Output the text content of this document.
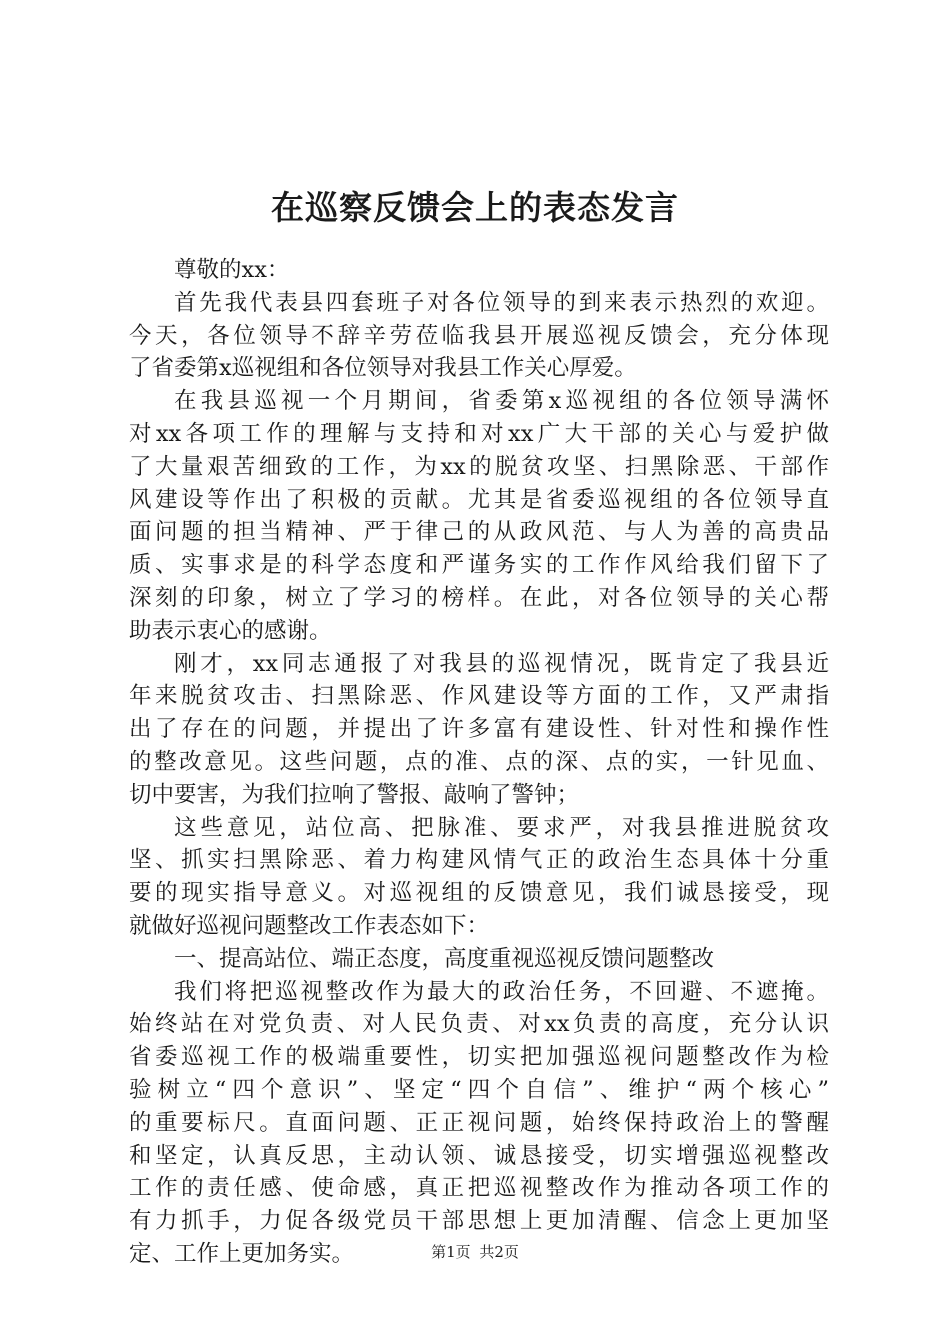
在巡察反馈会上的表态发言
尊敬的xx：
首先我代表县四套班子对各位领导的到来表示热烈的欢迎。
今天，各位领导不辞辛劳莅临我县开展巡视反馈会，充分体现
了省委第x巡视组和各位领导对我县工作关心厚爱。
在我县巡视一个月期间，省委第x巡视组的各位领导满怀
对xx各项工作的理解与支持和对xx广大干部的关心与爱护做
了大量艰苦细致的工作，为xx的脱贫攻坚、扫黑除恶、干部作
风建设等作出了积极的贡献。尤其是省委巡视组的各位领导直
面问题的担当精神、严于律己的从政风范、与人为善的高贵品
质、实事求是的科学态度和严谨务实的工作作风给我们留下了
深刻的印象，树立了学习的榜样。在此，对各位领导的关心帮
助表示衷心的感谢。
刚才，xx同志通报了对我县的巡视情况，既肯定了我县近
年来脱贫攻击、扫黑除恶、作风建设等方面的工作，又严肃指
出了存在的问题，并提出了许多富有建设性、针对性和操作性
的整改意见。这些问题，点的准、点的深、点的实，一针见血、
切中要害，为我们拉响了警报、敲响了警钟；
这些意见，站位高、把脉准、要求严，对我县推进脱贫攻
坚、抓实扫黑除恶、着力构建风情气正的政治生态具体十分重
要的现实指导意义。对巡视组的反馈意见，我们诚恳接受，现
就做好巡视问题整改工作表态如下：
一、提高站位、端正态度，高度重视巡视反馈问题整改
我们将把巡视整改作为最大的政治任务，不回避、不遮掩。
始终站在对党负责、对人民负责、对xx负责的高度，充分认识
省委巡视工作的极端重要性，切实把加强巡视问题整改作为检
验树立“四个意识”、坚定“四个自信”、维护“两个核心”
的重要标尺。直面问题、正正视问题，始终保持政治上的警醒
和坚定，认真反思，主动认领、诚恳接受，切实增强巡视整改
工作的责任感、使命感，真正把巡视整改作为推动各项工作的
有力抓手，力促各级党员干部思想上更加清醒、信念上更加坚
定、工作上更加务实。	第1页 共2页
